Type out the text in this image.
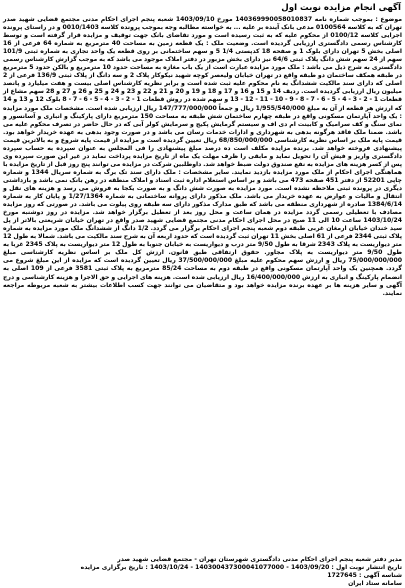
آگهی انجام مزایده نوبت اول

موضوع : بموجب شماره نامه 140369990058010837 مورخ 1403/09/10 شعبه پنجم اجرای احکام مدنی مجتمع قضایی شهید صدر تهران که به کلاسه 0100564 مدعی بانک آینده بر علیه ... به خواسته مطالبه وجه بموجب پرونده کلاسه 0010/1403 و در راستای پرونده اجرایی کلاسه 0100/12 از محکوم علیه که به ثبت رسیده است و مورد تقاضای بانک جهت توقیف و مزایده قرار گرفته است و توسط کارشناس رسمی دادگستری ارزیابی گردیده است. وضعیت ملک : یک قطعه زمین به مساحت 40 مترمربع به شماره 64 فرعی از 16 اصلی بخش 5 تهران دارای بلوک 1 و صفحه 18 کدپستی 1/4 5 و سهم ساختمانی بر روی قطعه یک واحد تجاری به شماره ثبتی 101/9 سهم از 24 سهم شش دانگ پلاک ثبتی 64/6 نیز دارای بخش مزبور در دفتر املاک موجود می باشد که به موجب گزارش کارشناس رسمی دادگستری به شرح ذیل می باشد : ملک مورد مزایده عبارت است از یک باب مغازه به مساحت حدود 10 مترمربع و بالکن حدود 5 مترمربع در طبقه همکف ساختمان دو طبقه واقع در تهران خیابان ولیعصر کوچه شهید نیکوکار پلاک 2 و سه دانگ از پلاک ثبتی 136/9 فرعی از 2 اصلی که دارای سند مالکیت ششدانگ به نام محکوم علیه ثبت شده است و برابر نظریه کارشناس اصلی بیست و هفت میلیارد و پانصد میلیون ریال ارزیابی گردیده است. ردیف 14 و 15 و 16 و 17 و 18 و 19 و 20 و 21 و 22 و 23 و 24 و 25 و 26 و 27 و 28 سهم مشاع از قطعات 1 - 2 - 3 - 4 - 5 - 6 - 7 - 8 - 9 - 10 - 11 - 12 - 13 و سهم شده در روش قطعات 1 - 2 - 3 - 4 - 5 - 6 - 7 - 8 بلوک 12 و 13 و 14 که ارزش هر قطعه از آن به مبلغ 1/955/540/000 ریال و جمعاً 147/777/000/000 ریال ارزیابی شده است. مشخصات ملک مورد مزایده : یک واحد آپارتمان مسکونی واقع در طبقه چهارم ساختمان شش طبقه به مساحت 150 مترمربع دارای پارکینگ و انباری و آسانسور و نمای سنگ و کف سرامیک و کابینت ام دی اف و سیستم گرمایش پکیج و سرمایش کولر آبی که در حال حاضر در تصرف محکوم علیه می باشد. ضمنا ملک فاقد هرگونه بدهی به شهرداری و ادارات خدمات رسان می باشد و در صورت وجود بدهی به عهده خریدار خواهد بود. قیمت پایه ملک بر اساس نظریه کارشناسی 68/850/000/000 ریال تعیین گردیده است و مزایده از قیمت پایه شروع و به بالاترین قیمت پیشنهادی فروخته خواهد شد. برنده مزایده مکلف است ده درصد مبلغ پیشنهادی را فی المجلس به عنوان سپرده به حساب سپرده دادگستری واریز و فیش آن را تحویل نماید و مابقی را ظرف مهلت یک ماه از تاریخ مزایده پرداخت نماید در غیر این صورت سپرده وی پس از کسر هزینه های مزایده به نفع صندوق دولت ضبط خواهد شد. داوطلبین شرکت در مزایده می توانند پنج روز قبل از تاریخ مزایده با هماهنگی اجرای احکام از ملک مورد مزایده بازدید نمایند. سایر مشخصات : ملک دارای سند تک برگ به شماره سریال 1344 و شماره چاپی 52201 از دفتر 451 صفحه 473 می باشد و بر اساس استعلام اداره ثبت اسناد و املاک منطقه در رهن بانک نمی باشد و بازداشتی دیگری در پرونده ثبتی ملاحظه نشده است. مورد مزایده به صورت شش دانگ و به صورت یکجا به فروش می رسد و هزینه های نقل و انتقال و مالیات و عوارض به عهده خریدار می باشد. ملک مذکور دارای پروانه ساختمانی به شماره 1/27/1364 و پایان کار به شماره 1384/6/14 صادره از شهرداری منطقه می باشد که طبق مدارک مذکور دارای سه طبقه روی پیلوت می باشد. در صورتی که روز مزایده مصادف با تعطیلی رسمی گردد مزایده در همان ساعت و محل روز بعد از تعطیل برگزار خواهد شد. مزایده در روز دوشنبه مورخ 1403/10/24 ساعت 10 الی 11 صبح در محل اجرای احکام مدنی مجتمع قضایی شهید صدر واقع در تهران خیابان شریعتی بالاتر از پل سید خندان خیابان ارمغان غربی طبقه دوم شعبه پنجم اجرای احکام برگزار می گردد. 1/2 دانگ از ششدانگ ملک مورد مزایده به شماره پلاک ثبتی 2344 فرعی از 61 اصلی بخش 11 تهران ثبت گردیده است که حدود اربعه آن به شرح سند مالکیت می باشد. شمالا به طول 12 متر دیواریست به پلاک 2343 شرقا به طول 9/50 متر درب و دیواریست به خیابان جنوبا به طول 12 متر دیواریست به پلاک 2345 غربا به طول 9/50 متر دیواریست به پلاک مجاور. حقوق ارتفاقی طبق قانون. ارزش کل ملک بر اساس نظریه کارشناسی مبلغ 75/000/000/000 ریال و ارزش سهم محکوم علیه مبلغ 37/500/000/000 ریال تعیین گردیده است که مزایده از این مبلغ شروع می گردد. همچنین یک واحد آپارتمان مسکونی واقع در طبقه دوم به مساحت 85/24 مترمربع به پلاک ثبتی 3581 فرعی از 109 اصلی به انضمام پارکینگ و انباری به ارزش 16/400/000/000 ریال ارزیابی شده است. هزینه های اجرایی و حق الاجرا و هزینه کارشناسی و درج آگهی و سایر هزینه ها بر عهده برنده مزایده خواهد بود و متقاضیان می توانند جهت کسب اطلاعات بیشتر به شعبه مربوطه مراجعه نمایند.

مدیر دفتر شعبه پنجم اجرای احکام مدنی دادگستری شهرستان تهران - مجتمع قضایی شهید صدر
تاریخ انتشار نوبت اول : 1403/09/20 - 140300437300041077000 - 1403/10/24 : تاریخ برگزاری مزایده
شناسه آگهی : 1727645
سامانه ستاد ایران
